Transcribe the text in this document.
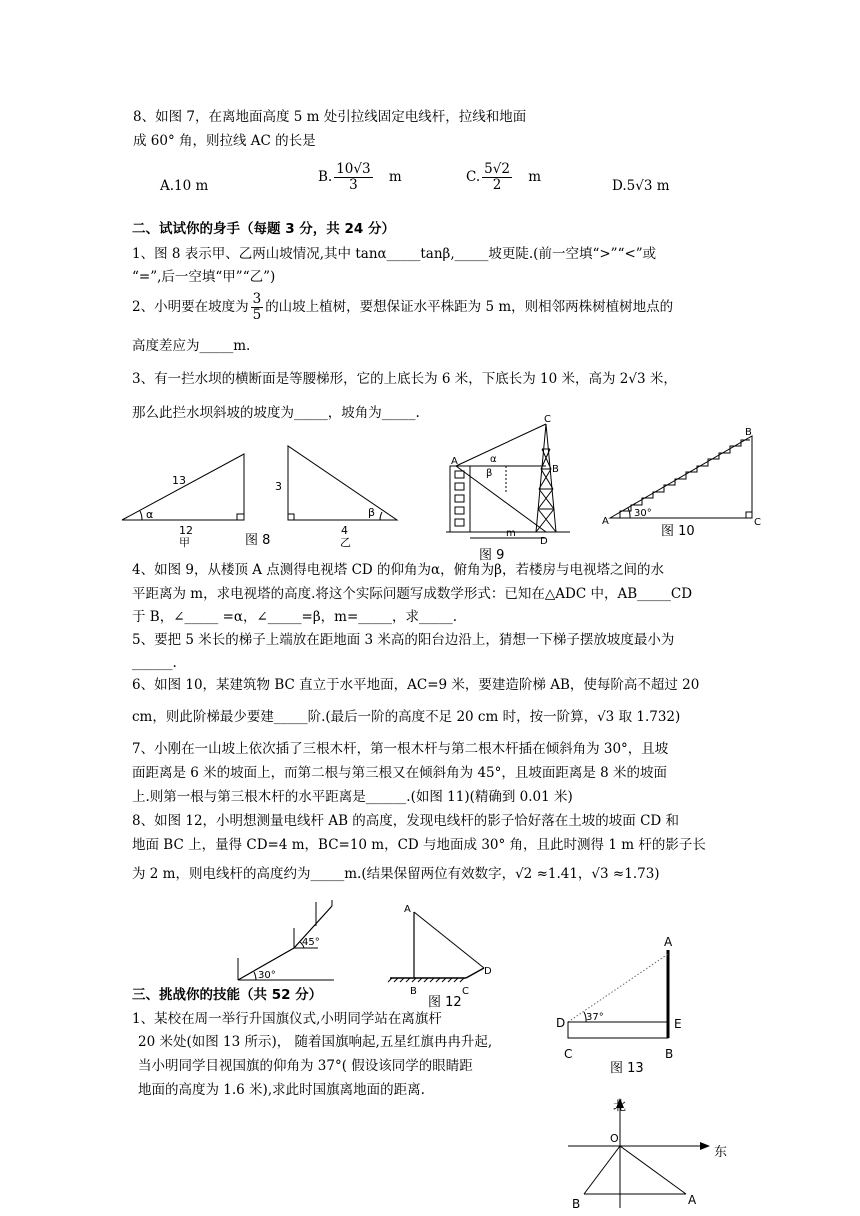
8、如图 7，在离地面高度 5 m 处引拉线固定电线杆，拉线和地面
成 60° 角，则拉线 AC 的长是
A.10 m
B. $\frac{10√3}{3}$ m	C. $\frac{5√2}{2}$ m
D.5√3 m
二、试试你的身手（每题 3 分，共 24 分）
1、图 8 表示甲、乙两山坡情况,其中 tanα_____tanβ,_____坡更陡.(前一空填“>”“<”或
“=”,后一空填“甲”“乙”)
2、小明要在坡度为 $\frac{3}{5}$ 的山坡上植树，要想保证水平株距为 5 m，则相邻两株树植树地点的
高度差应为_____m.
3、有一拦水坝的横断面是等腰梯形，它的上底长为 6 米，下底长为 10 米，高为 2√3 米，
那么此拦水坝斜坡的坡度为_____，坡角为_____.
α
13
12
甲
β
3
4
乙
图 8
A
B
C
D
m
α
β
图 9
30°
A
B
C
图 10
4、如图 9，从楼顶 A 点测得电视塔 CD 的仰角为α，俯角为β，若楼房与电视塔之间的水
平距离为 m，求电视塔的高度.将这个实际问题写成数学形式：已知在△ADC 中，AB_____CD
于 B，∠_____ =α，∠_____=β，m=_____，求_____.
5、要把 5 米长的梯子上端放在距地面 3 米高的阳台边沿上，猜想一下梯子摆放坡度最小为
______.
6、如图 10，某建筑物 BC 直立于水平地面，AC=9 米，要建造阶梯 AB，使每阶高不超过 20
cm，则此阶梯最少要建_____阶.(最后一阶的高度不足 20 cm 时，按一阶算，√3 取 1.732)
7、小刚在一山坡上依次插了三根木杆，第一根木杆与第二根木杆插在倾斜角为 30°，且坡
面距离是 6 米的坡面上，而第二根与第三根又在倾斜角为 45°，且坡面距离是 8 米的坡面
上.则第一根与第三根木杆的水平距离是______.(如图 11)(精确到 0.01 米)
8、如图 12，小明想测量电线杆 AB 的高度，发现电线杆的影子恰好落在土坡的坡面 CD 和
地面 BC 上，量得 CD=4 m，BC=10 m，CD 与地面成 30° 角，且此时测得 1 m 杆的影子长
为 2 m，则电线杆的高度约为_____m.(结果保留两位有效数字，√2 ≈1.41，√3 ≈1.73)
45°
30°
A
B	C
D
图 12
三、挑战你的技能（共 52 分）
1、某校在周一举行升国旗仪式,小明同学站在离旗杆
20 米处(如图 13 所示)， 随着国旗响起,五星红旗冉冉升起,
当小明同学目视国旗的仰角为 37°( 假设该同学的眼睛距
地面的高度为 1.6 米),求此时国旗离地面的距离.
37°
A
B
C
D	E
图 13
北
东
O
B	A
